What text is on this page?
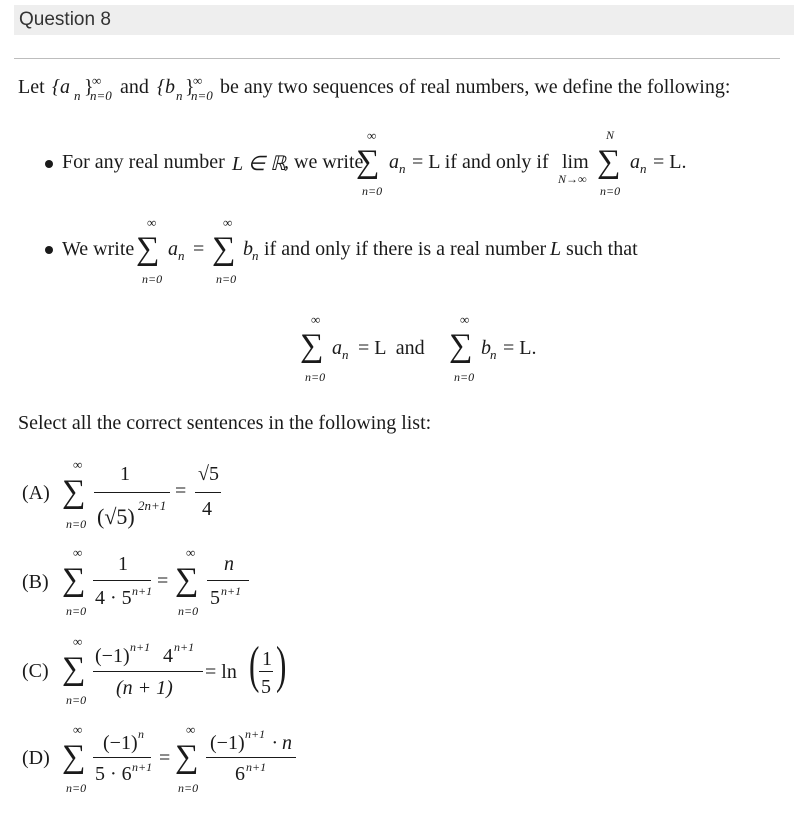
Question 8
Let {a n }
∞
n=0 and {b n }
∞
n=0 be any two sequences of real numbers, we define the following:
For any real number L ∈ ℝ
, we write
∞
∑
n=0
a n = L if and only if lim
N→∞
N
∑
n=0
a n = L.
We write
∞
∑
n=0
a n =
∞
∑
n=0
b n if and only if there is a real number L such that
∞
∑
n=0
a n = L  and
∞
∑
n=0
b n = L.
Select all the correct sentences in the following list:
(A)
∞
∑
n=0
1
(√5) 2n+1
=
√5
4
(B)
∞
∑
n=0
1
4 · 5 n+1 =
∞
∑
n=0
n
5 n+1
(C)
∞
∑
n=0
(−1) n+1 4 n+1
(n + 1)
= ln ( 1
5 )
(D)
∞
∑
n=0
(−1) n
5 · 6 n+1 =
∞
∑
n=0
(−1) n+1 · n
6 n+1
